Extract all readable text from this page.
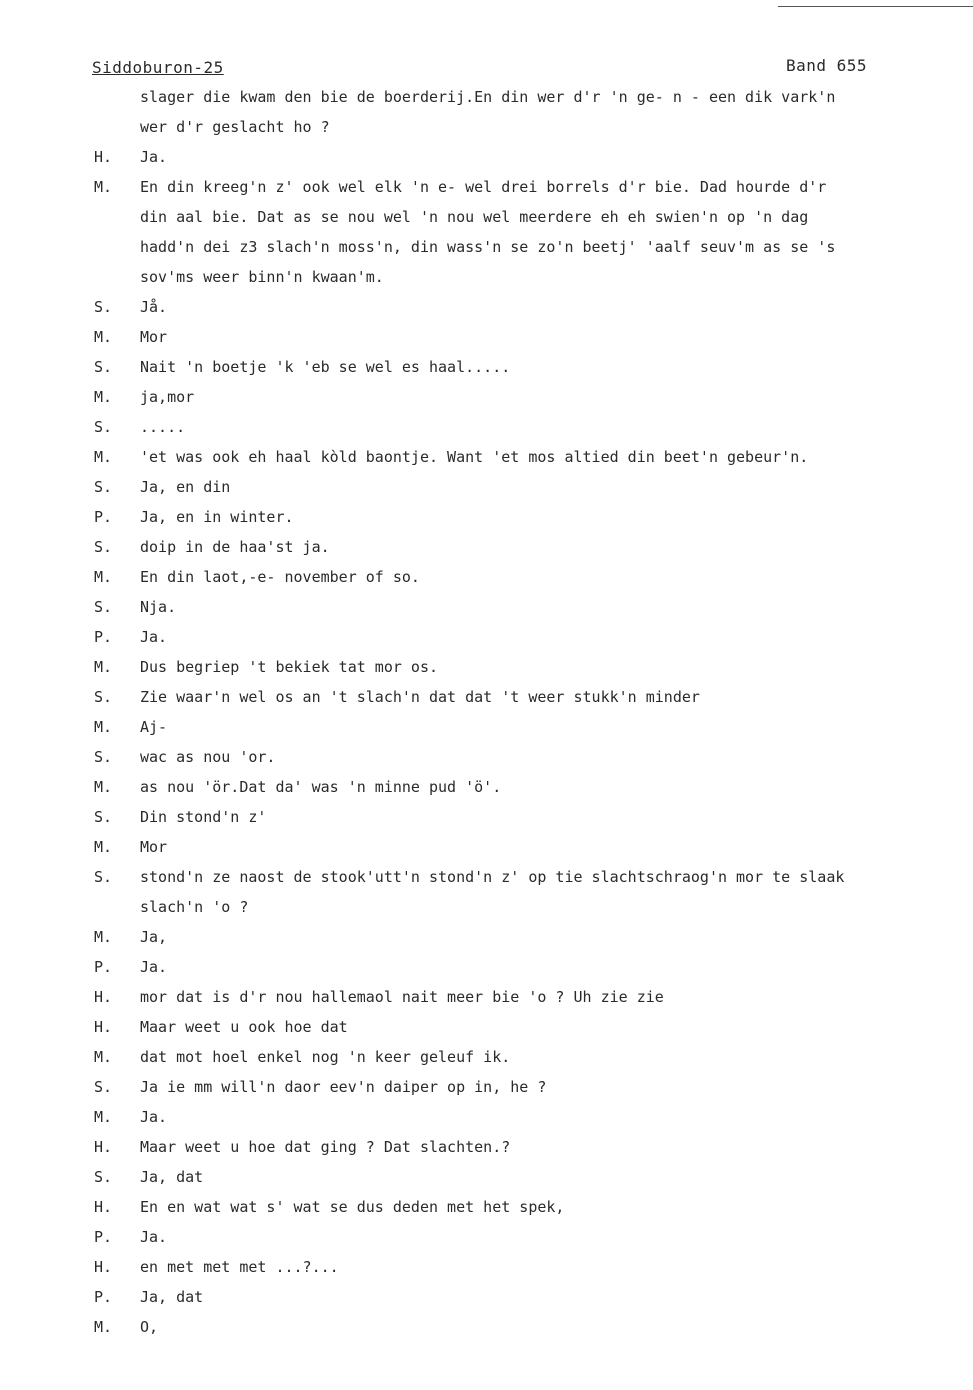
Siddoburon-25	Band 655
slager die kwam den bie de boerderij.En din wer d'r 'n ge- n - een dik vark'n
wer d'r geslacht ho ?
H.	Ja.
M.	En din kreeg'n z' ook wel elk 'n e- wel drei borrels d'r bie. Dad hourde d'r
din aal bie. Dat as se nou wel 'n nou wel meerdere eh eh swien'n op 'n dag
hadd'n dei z3 slach'n moss'n, din wass'n se zo'n beetj' 'aalf seuv'm as se 's
sov'ms weer binn'n kwaan'm.
S.	Jå.
M.	Mor
S.	Nait 'n boetje 'k 'eb se wel es haal.....
M.	ja,mor
S.	.....
M.	'et was ook eh haal kòld baontje. Want 'et mos altied din beet'n gebeur'n.
S.	Ja, en din
P.	Ja, en in winter.
S.	doip in de haa'st ja.
M.	En din laot,-e- november of so.
S.	Nja.
P.	Ja.
M.	Dus begriep 't bekiek tat mor os.
S.	Zie waar'n wel os an 't slach'n dat dat 't weer stukk'n minder
M.	Aj-
S.	wac as nou 'or.
M.	as nou 'ör.Dat da' was 'n minne pud 'ö'.
S.	Din stond'n z'
M.	Mor
S.	stond'n ze naost de stook'utt'n stond'n z' op tie slachtschraog'n mor te slaak
slach'n 'o ?
M.	Ja,
P.	Ja.
H.	mor dat is d'r nou hallemaol nait meer bie 'o ? Uh zie zie
H.	Maar weet u ook hoe dat
M.	dat mot hoel enkel nog 'n keer geleuf ik.
S.	Ja ie mm will'n daor eev'n daiper op in, he ?
M.	Ja.
H.	Maar weet u hoe dat ging ? Dat slachten.?
S.	Ja, dat
H.	En en wat wat s' wat se dus deden met het spek,
P.	Ja.
H.	en met met met ...?...
P.	Ja, dat
M.	O,
